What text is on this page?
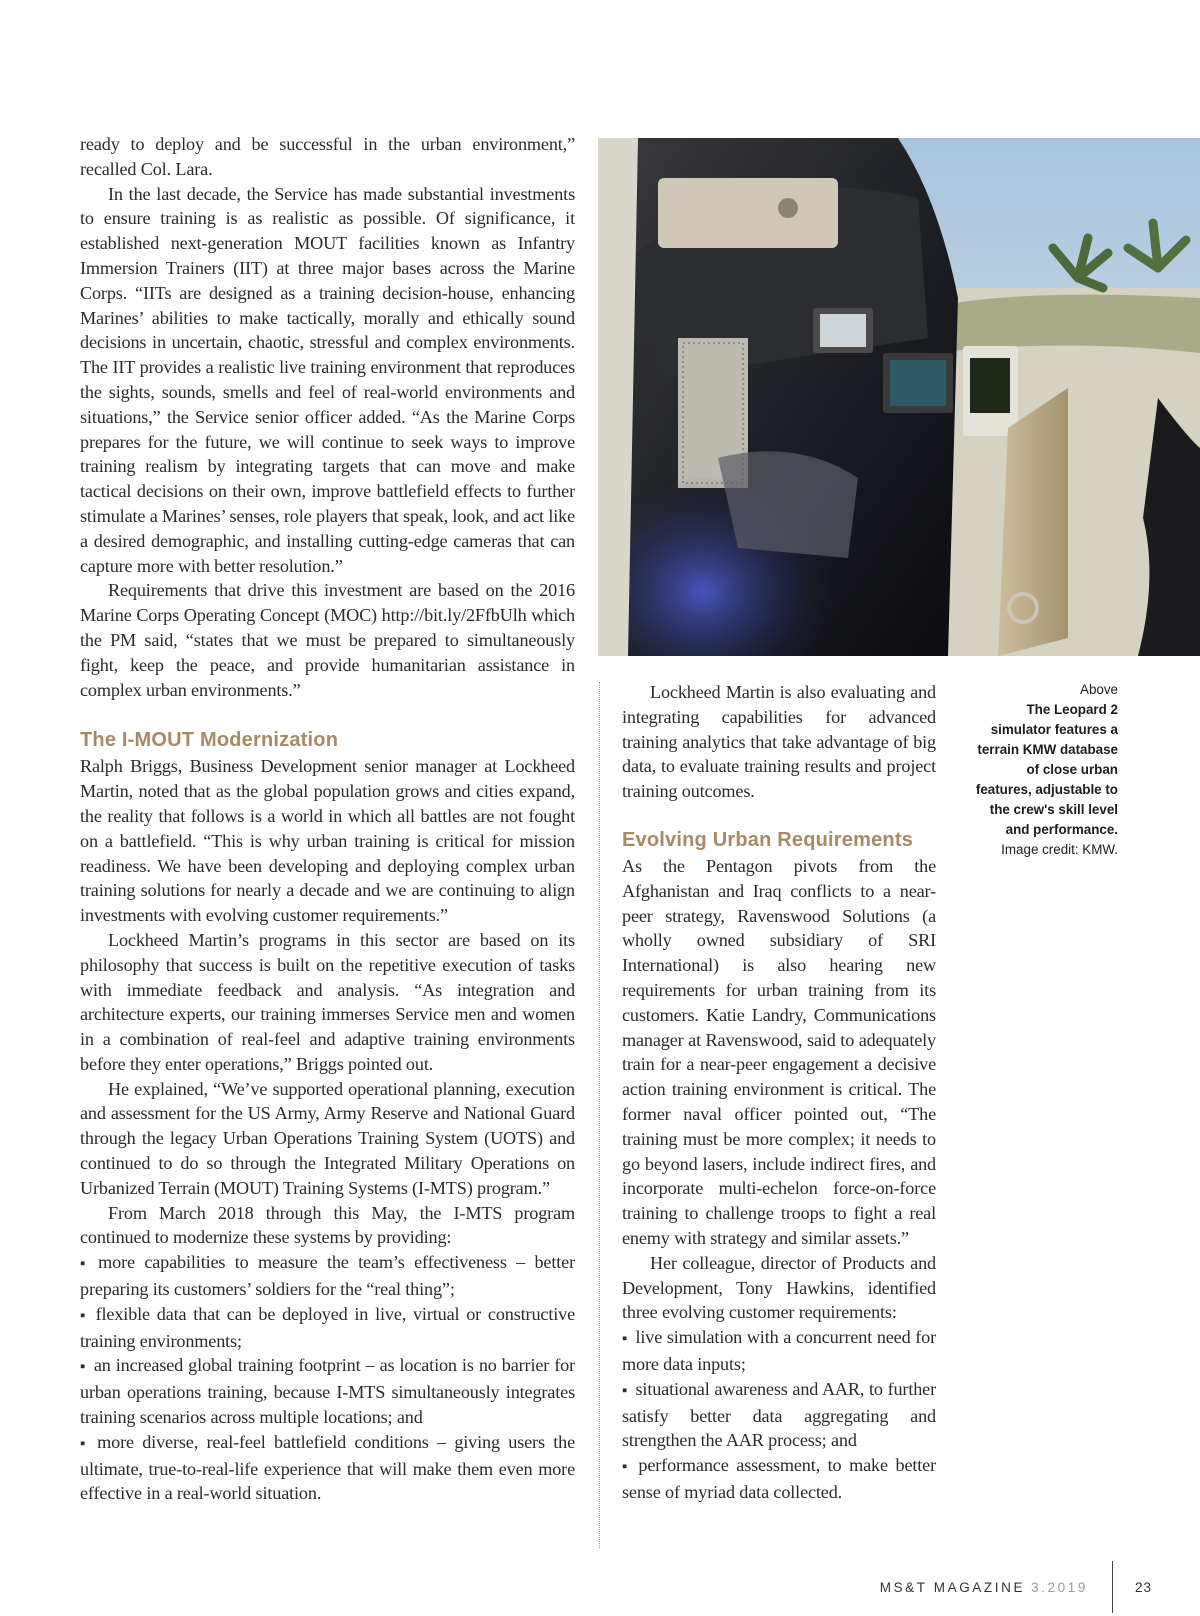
ready to deploy and be successful in the urban environment,” recalled Col. Lara.

In the last decade, the Service has made substantial investments to ensure training is as realistic as possible. Of significance, it established next-generation MOUT facilities known as Infantry Immersion Trainers (IIT) at three major bases across the Marine Corps. “IITs are designed as a training decision-house, enhancing Marines’ abilities to make tactically, morally and ethically sound decisions in uncertain, chaotic, stressful and complex environments. The IIT provides a realistic live training environment that reproduces the sights, sounds, smells and feel of real-world environments and situations,” the Service senior officer added. “As the Marine Corps prepares for the future, we will continue to seek ways to improve training realism by integrating targets that can move and make tactical decisions on their own, improve battlefield effects to further stimulate a Marines’ senses, role players that speak, look, and act like a desired demographic, and installing cutting-edge cameras that can capture more with better resolution.”

Requirements that drive this investment are based on the 2016 Marine Corps Operating Concept (MOC) http://bit.ly/2FfbUlh which the PM said, “states that we must be prepared to simultaneously fight, keep the peace, and provide humanitarian assistance in complex urban environments.”

The I-MOUT Modernization

Ralph Briggs, Business Development senior manager at Lockheed Martin, noted that as the global population grows and cities expand, the reality that follows is a world in which all battles are not fought on a battlefield. “This is why urban training is critical for mission readiness. We have been developing and deploying complex urban training solutions for nearly a decade and we are continuing to align investments with evolving customer requirements.”

Lockheed Martin’s programs in this sector are based on its philosophy that success is built on the repetitive execution of tasks with immediate feedback and analysis. “As integration and architecture experts, our training immerses Service men and women in a combination of real-feel and adaptive training environments before they enter operations,” Briggs pointed out.

He explained, “We’ve supported operational planning, execution and assessment for the US Army, Army Reserve and National Guard through the legacy Urban Operations Training System (UOTS) and continued to do so through the Integrated Military Operations on Urbanized Terrain (MOUT) Training Systems (I-MTS) program.”

From March 2018 through this May, the I-MTS program continued to modernize these systems by providing:

▪ more capabilities to measure the team’s effectiveness – better preparing its customers’ soldiers for the “real thing”;
▪ flexible data that can be deployed in live, virtual or constructive training environments;
▪ an increased global training footprint – as location is no barrier for urban operations training, because I-MTS simultaneously integrates training scenarios across multiple locations; and
▪ more diverse, real-feel battlefield conditions – giving users the ultimate, true-to-real-life experience that will make them even more effective in a real-world situation.

Lockheed Martin is also evaluating and integrating capabilities for advanced training analytics that take advantage of big data, to evaluate training results and project training outcomes.

Evolving Urban Requirements

As the Pentagon pivots from the Afghanistan and Iraq conflicts to a near-peer strategy, Ravenswood Solutions (a wholly owned subsidiary of SRI International) is also hearing new requirements for urban training from its customers. Katie Landry, Communications manager at Ravenswood, said to adequately train for a near-peer engagement a decisive action training environment is critical. The former naval officer pointed out, “The training must be more complex; it needs to go beyond lasers, include indirect fires, and incorporate multi-echelon force-on-force training to challenge troops to fight a real enemy with strategy and similar assets.”

Her colleague, director of Products and Development, Tony Hawkins, identified three evolving customer requirements:

▪ live simulation with a concurrent need for more data inputs;
▪ situational awareness and AAR, to further satisfy better data aggregating and strengthen the AAR process; and
▪ performance assessment, to make better sense of myriad data collected.
Above
The Leopard 2 simulator features a terrain KMW database of close urban features, adjustable to the crew's skill level and performance.
Image credit: KMW.
MS&T MAGAZINE 3.2019	23
